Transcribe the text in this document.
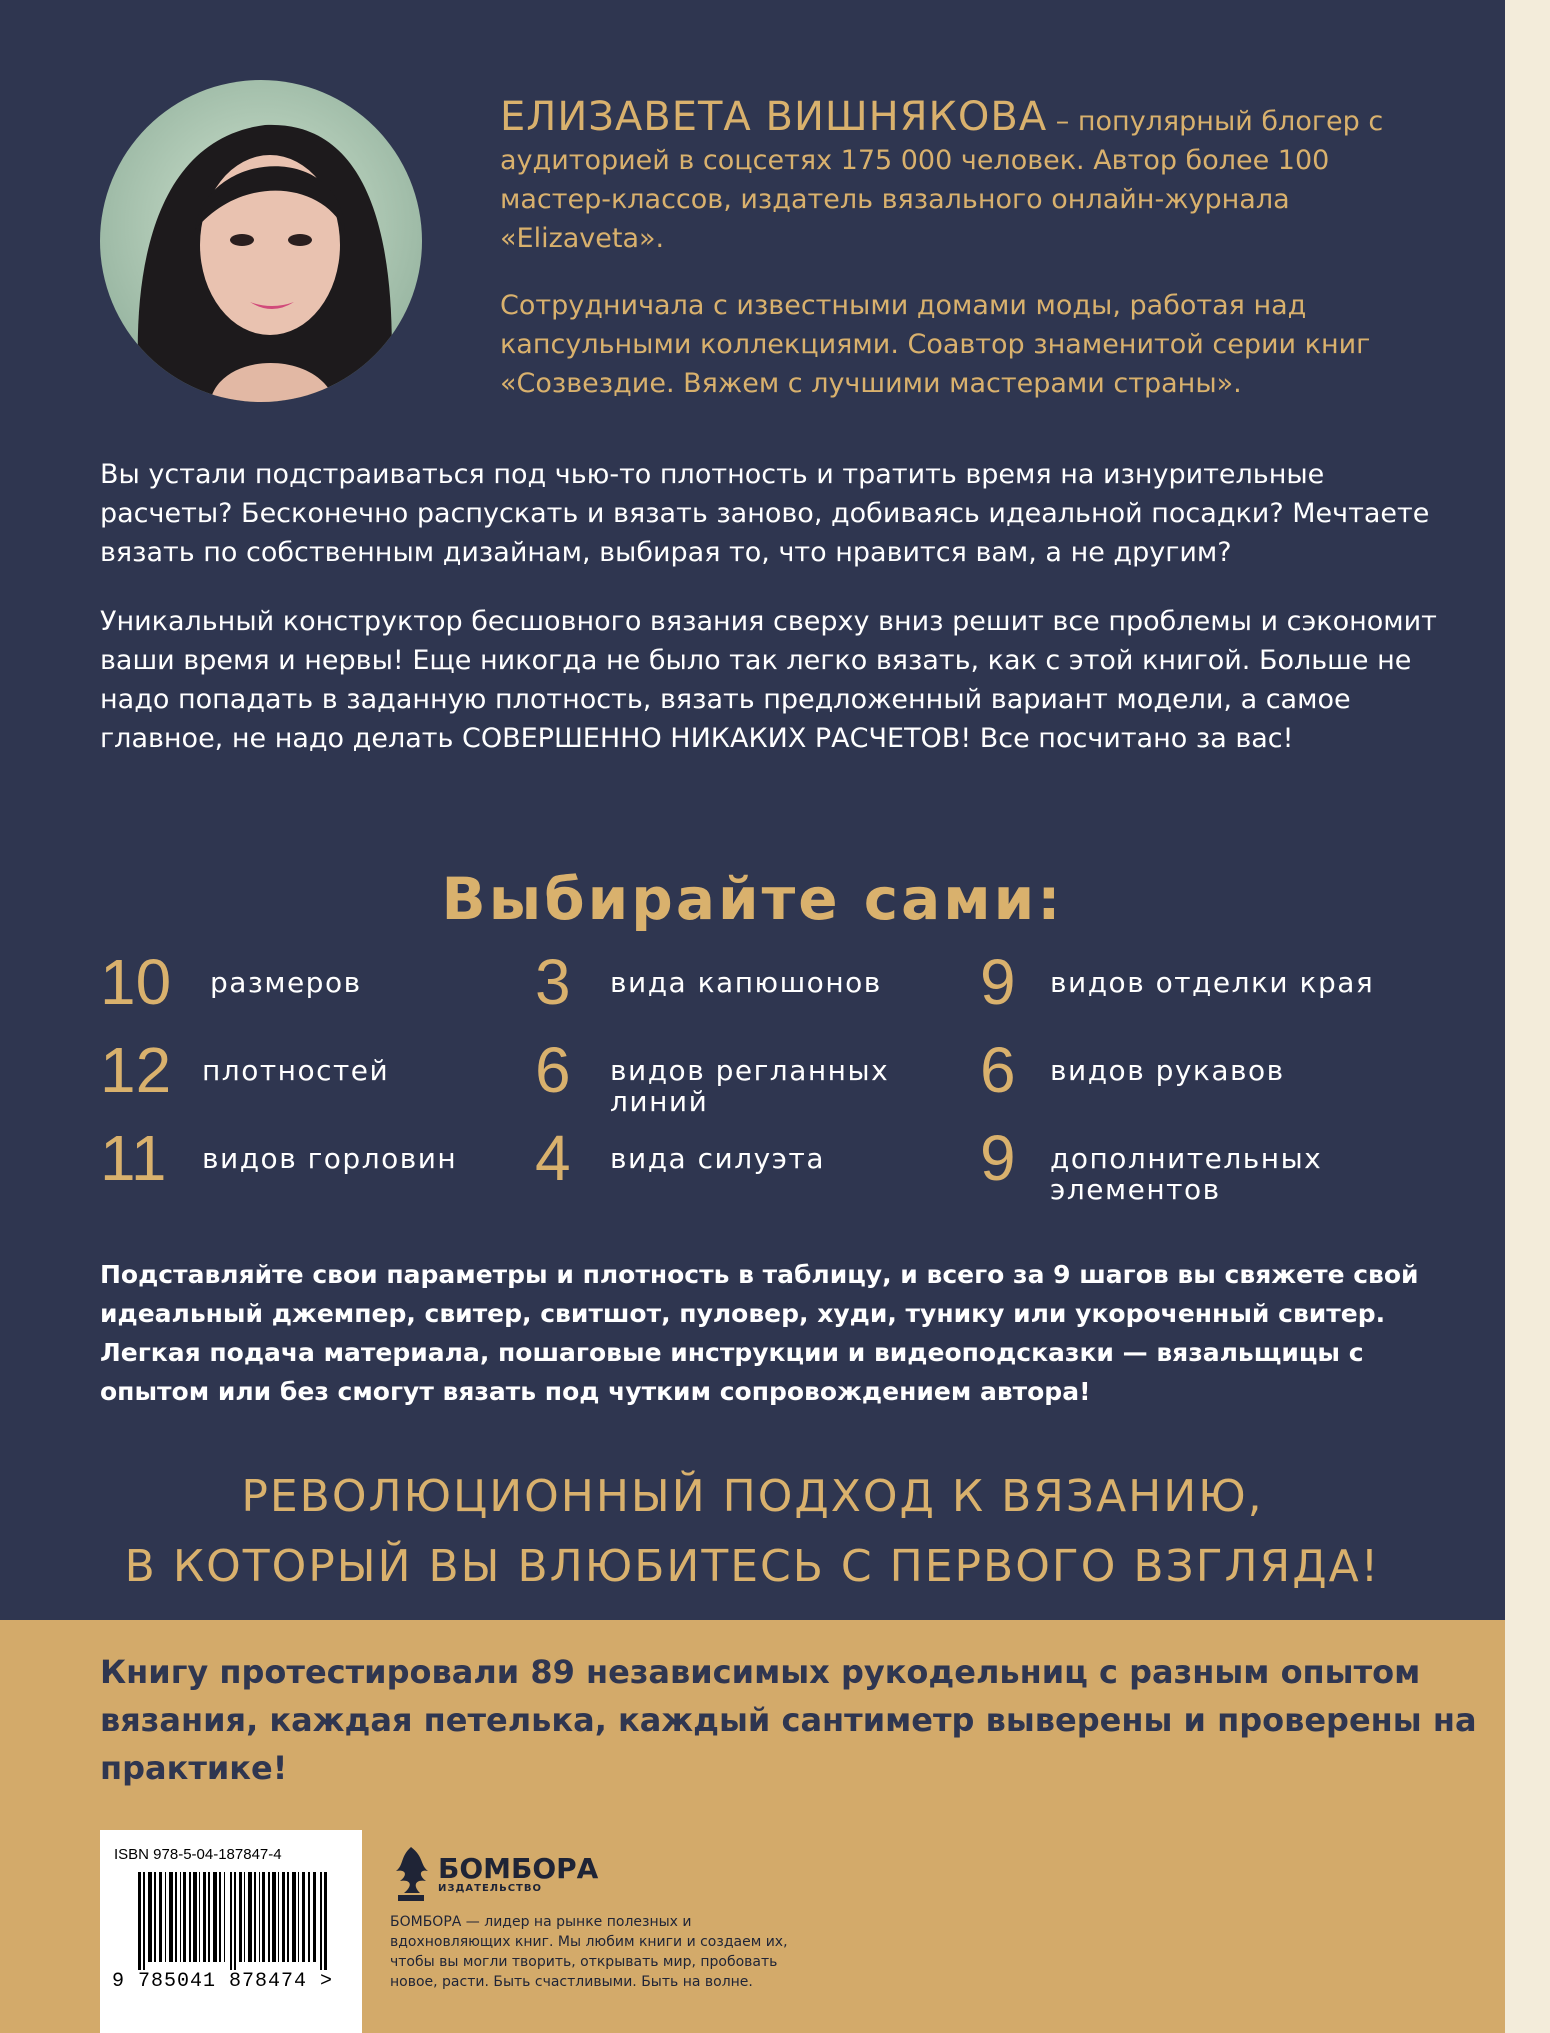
ЕЛИЗАВЕТА ВИШНЯКОВА – популярный блогер с аудиторией в соцсетях 175 000 человек. Автор более 100 мастер-классов, издатель вязального онлайн-журнала «Elizaveta».

Сотрудничала с известными домами моды, работая над капсульными коллекциями. Соавтор знаменитой серии книг «Созвездие. Вяжем с лучшими мастерами страны».

Вы устали подстраиваться под чью-то плотность и тратить время на изнурительные расчеты? Бесконечно распускать и вязать заново, добиваясь идеальной посадки? Мечтаете вязать по собственным дизайнам, выбирая то, что нравится вам, а не другим?

Уникальный конструктор бесшовного вязания сверху вниз решит все проблемы и сэкономит ваши время и нервы! Еще никогда не было так легко вязать, как с этой книгой. Больше не надо попадать в заданную плотность, вязать предложенный вариант модели, а самое главное, не надо делать СОВЕРШЕННО НИКАКИХ РАСЧЕТОВ! Все посчитано за вас!

Выбирайте сами:
10	размеров	3	вида капюшонов	9	видов отделки края
12	плотностей	6	видов регланных линий	6	видов рукавов
11	видов горловин	4	вида силуэта	9	дополнительных элементов
Подставляйте свои параметры и плотность в таблицу, и всего за 9 шагов вы свяжете свой идеальный джемпер, свитер, свитшот, пуловер, худи, тунику или укороченный свитер. Легкая подача материала, пошаговые инструкции и видеоподсказки — вязальщицы с опытом или без смогут вязать под чутким сопровождением автора!
РЕВОЛЮЦИОННЫЙ ПОДХОД К ВЯЗАНИЮ,
В КОТОРЫЙ ВЫ ВЛЮБИТЕСЬ С ПЕРВОГО ВЗГЛЯДА!
Книгу протестировали 89 независимых рукодельниц с разным опытом вязания, каждая петелька, каждый сантиметр выверены и проверены на практике!
ISBN 978-5-04-187847-4
9 785041 878474 >
БОМБОРА
ИЗДАТЕЛЬСТВО
БОМБОРА — лидер на рынке полезных и вдохновляющих книг. Мы любим книги и создаем их, чтобы вы могли творить, открывать мир, пробовать новое, расти. Быть счастливыми. Быть на волне.
